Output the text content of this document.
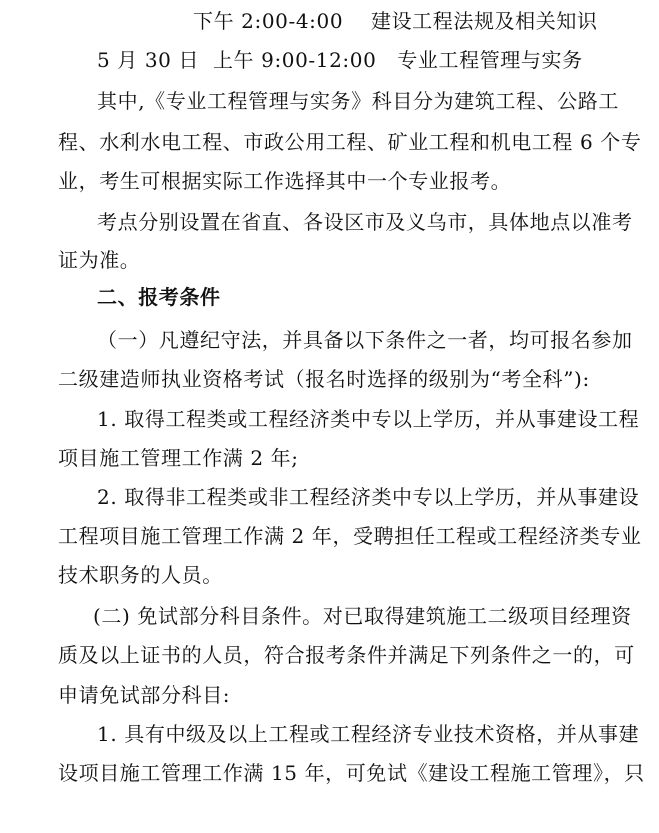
下午 2:00-4:00    建设工程法规及相关知识
5 月 30 日  上午 9:00-12:00   专业工程管理与实务
其中,《专业工程管理与实务》科目分为建筑工程、公路工
程、水利水电工程、市政公用工程、矿业工程和机电工程 6 个专
业，考生可根据实际工作选择其中一个专业报考。
考点分别设置在省直、各设区市及义乌市，具体地点以准考
证为准。
二、报考条件
（一）凡遵纪守法，并具备以下条件之一者，均可报名参加
二级建造师执业资格考试（报名时选择的级别为“考全科”):
1. 取得工程类或工程经济类中专以上学历，并从事建设工程
项目施工管理工作满 2 年;
2. 取得非工程类或非工程经济类中专以上学历，并从事建设
工程项目施工管理工作满 2 年，受聘担任工程或工程经济类专业
技术职务的人员。
(二) 免试部分科目条件。对已取得建筑施工二级项目经理资
质及以上证书的人员，符合报考条件并满足下列条件之一的，可
申请免试部分科目:
1. 具有中级及以上工程或工程经济专业技术资格，并从事建
设项目施工管理工作满 15 年，可免试《建设工程施工管理》，只
